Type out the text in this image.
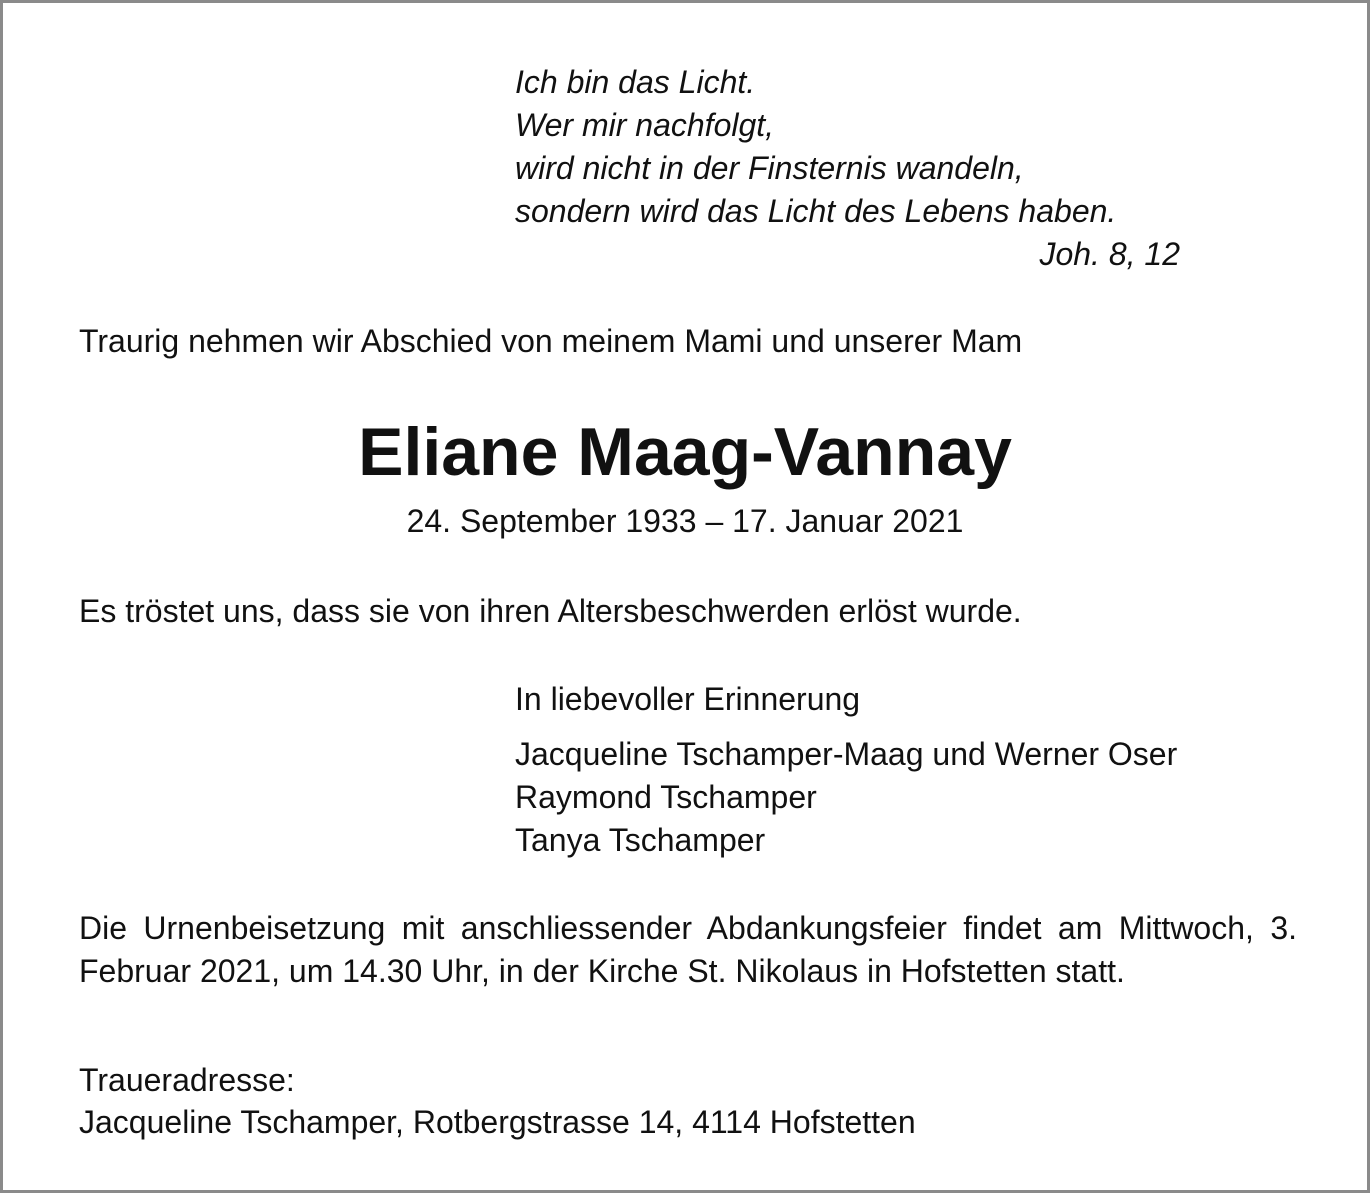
Ich bin das Licht.
Wer mir nachfolgt,
wird nicht in der Finsternis wandeln,
sondern wird das Licht des Lebens haben.
Joh. 8, 12
Traurig nehmen wir Abschied von meinem Mami und unserer Mam
Eliane Maag-Vannay
24. September 1933 – 17. Januar 2021
Es tröstet uns, dass sie von ihren Altersbeschwerden erlöst wurde.
In liebevoller Erinnerung
Jacqueline Tschamper-Maag und Werner Oser
Raymond Tschamper
Tanya Tschamper
Die Urnenbeisetzung mit anschliessender Abdankungsfeier findet am Mittwoch, 3. Februar 2021, um 14.30 Uhr, in der Kirche St. Nikolaus in Hofstetten statt.
Traueradresse:
Jacqueline Tschamper, Rotbergstrasse 14, 4114 Hofstetten
